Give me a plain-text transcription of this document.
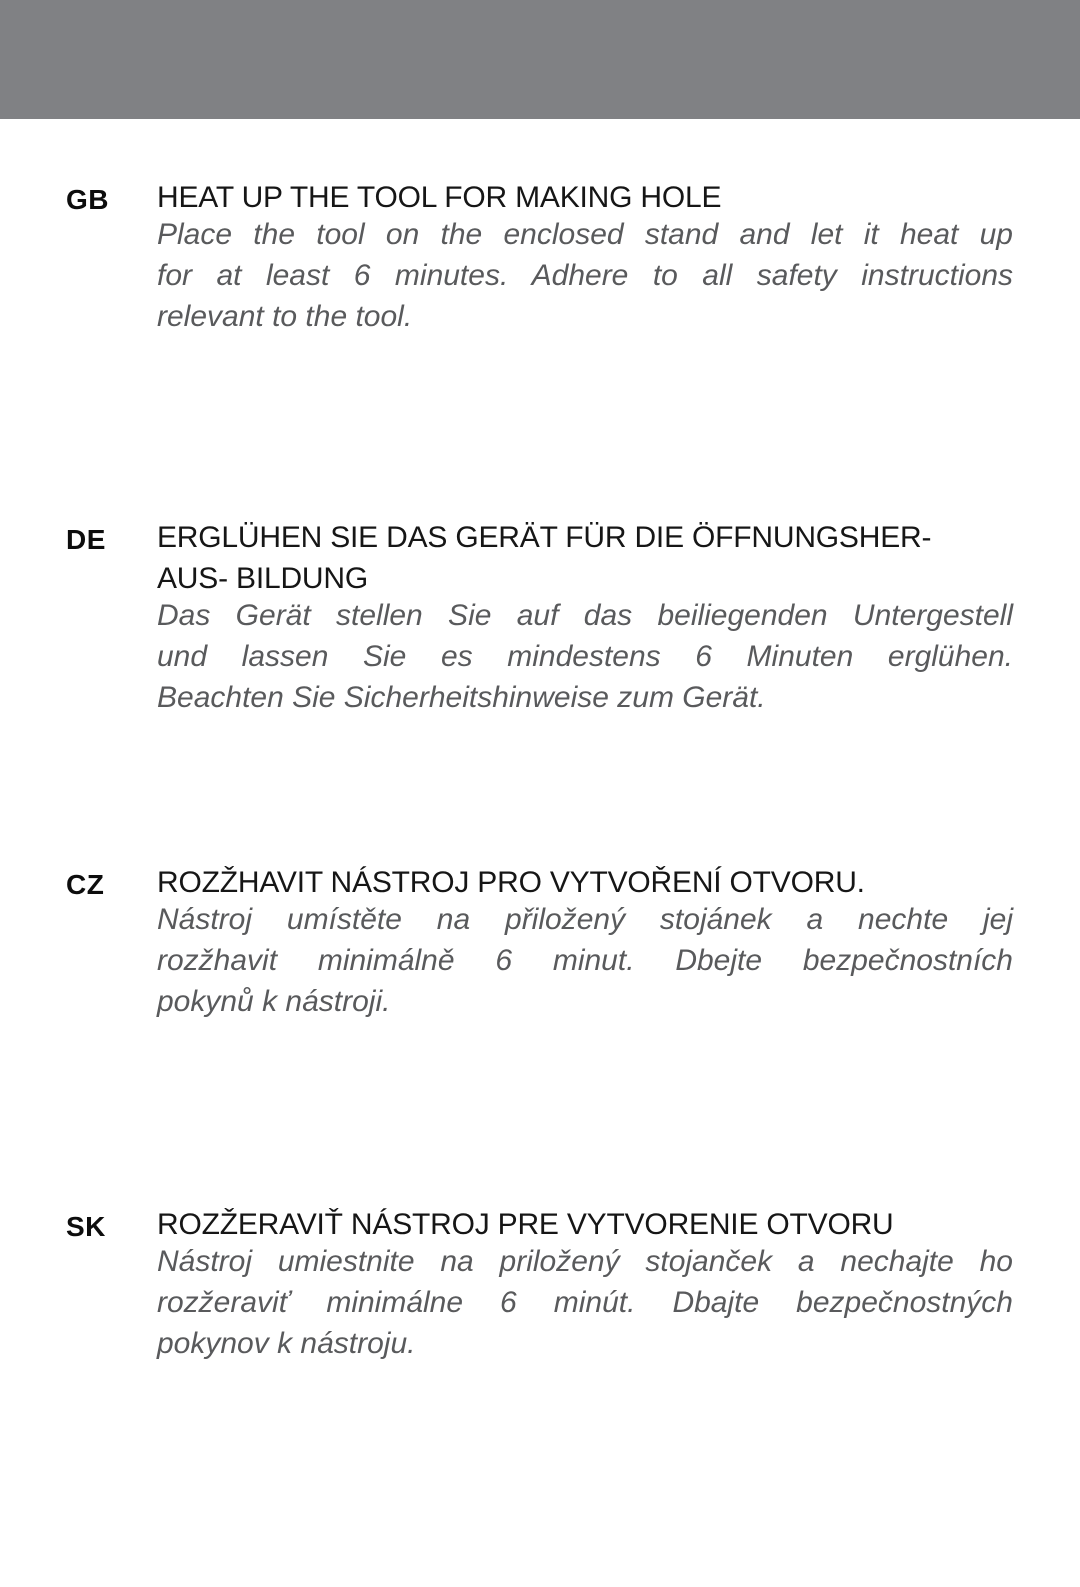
GB	HEAT UP THE TOOL FOR MAKING HOLE
Place the tool on the enclosed stand and let it heat up
for at least 6 minutes. Adhere to all safety instructions
relevant to the tool.
DE	ERGLÜHEN SIE DAS GERÄT FÜR DIE ÖFFNUNGSHER-
AUS- BILDUNG
Das Gerät stellen Sie auf das beiliegenden Untergestell
und lassen Sie es mindestens 6 Minuten erglühen.
Beachten Sie Sicherheitshinweise zum Gerät.
CZ	ROZŽHAVIT NÁSTROJ PRO VYTVOŘENÍ OTVORU.
Nástroj umístěte na přiložený stojánek a nechte jej
rozžhavit minimálně 6 minut. Dbejte bezpečnostních
pokynů k nástroji.
SK	ROZŽERAVIŤ NÁSTROJ PRE VYTVORENIE OTVORU
Nástroj umiestnite na priložený stojanček a nechajte ho
rozžeraviť minimálne 6 minút. Dbajte bezpečnostných
pokynov k nástroju.
